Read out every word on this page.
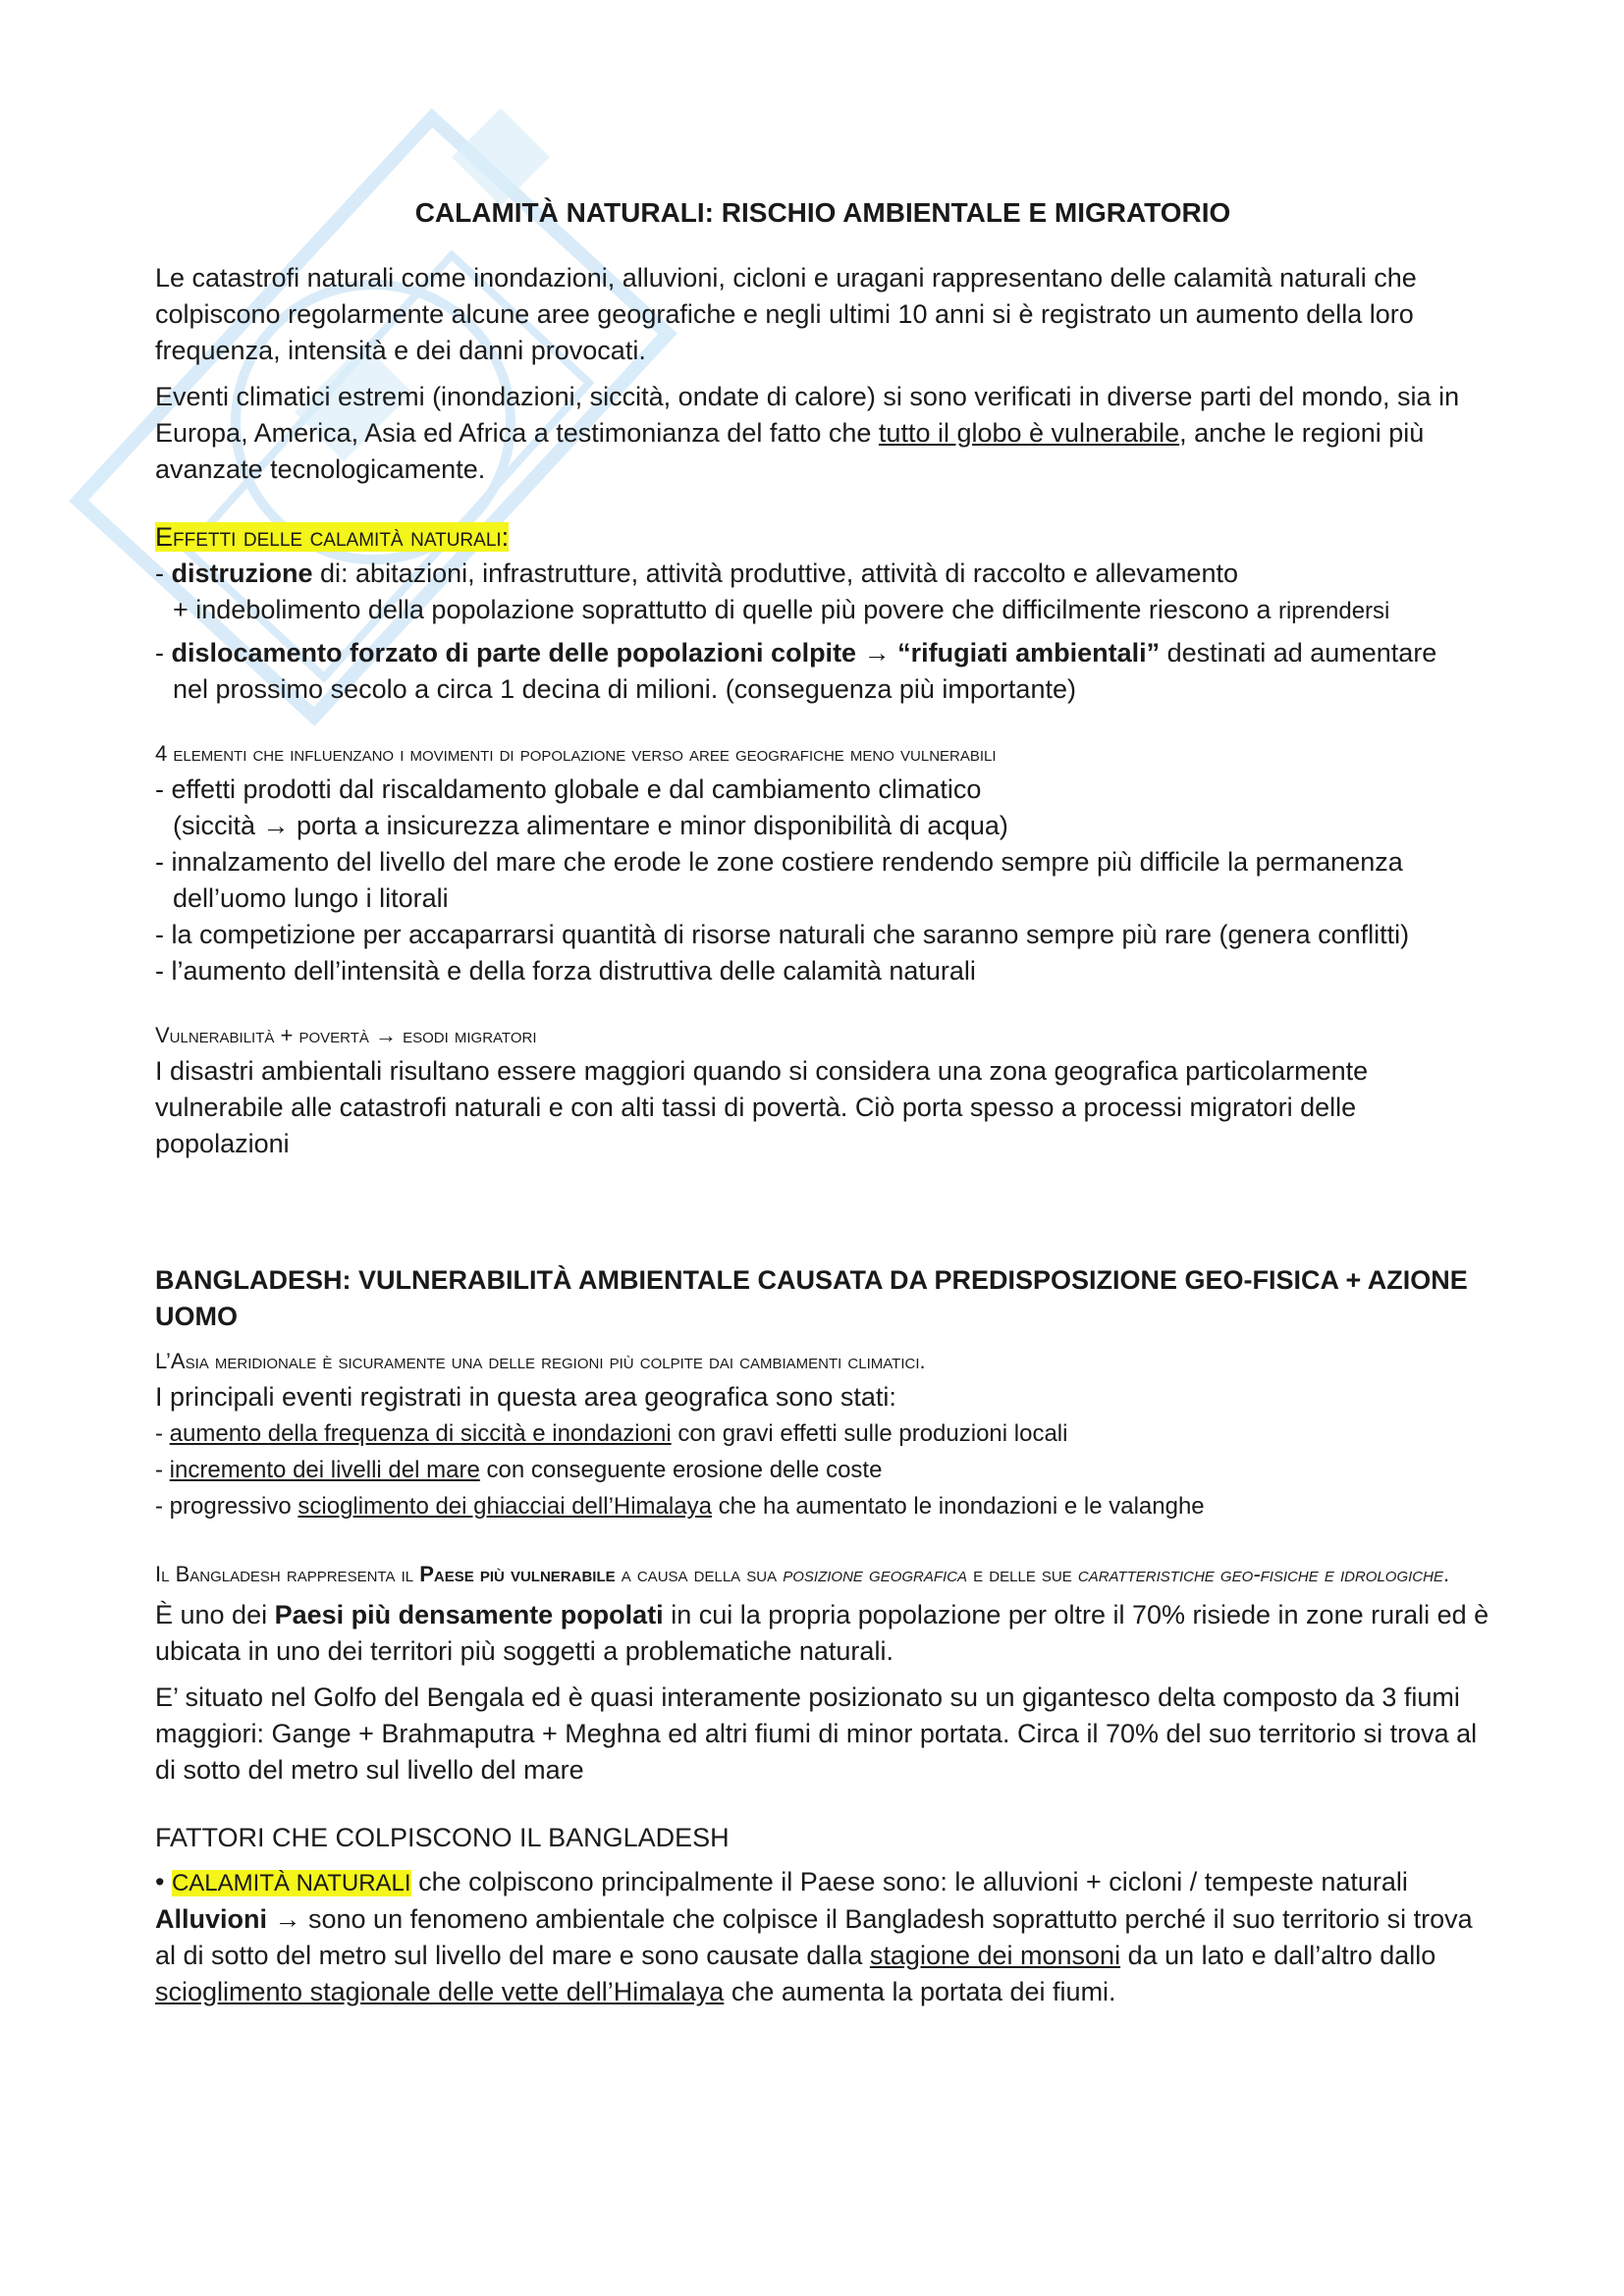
CALAMITÀ NATURALI: RISCHIO AMBIENTALE E MIGRATORIO

Le catastrofi naturali come inondazioni, alluvioni, cicloni e uragani rappresentano delle calamità naturali che colpiscono regolarmente alcune aree geografiche e negli ultimi 10 anni si è registrato un aumento della loro frequenza, intensità e dei danni provocati.

Eventi climatici estremi (inondazioni, siccità, ondate di calore) si sono verificati in diverse parti del mondo, sia in Europa, America, Asia ed Africa a testimonianza del fatto che tutto il globo è vulnerabile, anche le regioni più avanzate tecnologicamente.

Effetti delle calamità naturali:
- distruzione di: abitazioni, infrastrutture, attività produttive, attività di raccolto e allevamento
+ indebolimento della popolazione soprattutto di quelle più povere che difficilmente riescono a riprendersi
- dislocamento forzato di parte delle popolazioni colpite → “rifugiati ambientali” destinati ad aumentare
nel prossimo secolo a circa 1 decina di milioni. (conseguenza più importante)
4 elementi che influenzano i movimenti di popolazione verso aree geografiche meno vulnerabili
- effetti prodotti dal riscaldamento globale e dal cambiamento climatico
(siccità → porta a insicurezza alimentare e minor disponibilità di acqua)
- innalzamento del livello del mare che erode le zone costiere rendendo sempre più difficile la permanenza
dell’uomo lungo i litorali
- la competizione per accaparrarsi quantità di risorse naturali che saranno sempre più rare (genera conflitti)
- l’aumento dell’intensità e della forza distruttiva delle calamità naturali
Vulnerabilità + povertà → esodi migratori

I disastri ambientali risultano essere maggiori quando si considera una zona geografica particolarmente vulnerabile alle catastrofi naturali e con alti tassi di povertà. Ciò porta spesso a processi migratori delle popolazioni

BANGLADESH: VULNERABILITÀ AMBIENTALE CAUSATA DA PREDISPOSIZIONE GEO-FISICA + AZIONE UOMO
L’Asia meridionale è sicuramente una delle regioni più colpite dai cambiamenti climatici.
I principali eventi registrati in questa area geografica sono stati:
- aumento della frequenza di siccità e inondazioni con gravi effetti sulle produzioni locali
- incremento dei livelli del mare con conseguente erosione delle coste
- progressivo scioglimento dei ghiacciai dell’Himalaya che ha aumentato le inondazioni e le valanghe
Il Bangladesh rappresenta il Paese più vulnerabile a causa della sua posizione geografica e delle sue caratteristiche geo-fisiche e idrologiche.

È uno dei Paesi più densamente popolati in cui la propria popolazione per oltre il 70% risiede in zone rurali ed è ubicata in uno dei territori più soggetti a problematiche naturali.

E’ situato nel Golfo del Bengala ed è quasi interamente posizionato su un gigantesco delta composto da 3 fiumi maggiori: Gange + Brahmaputra + Meghna ed altri fiumi di minor portata. Circa il 70% del suo territorio si trova al di sotto del metro sul livello del mare

FATTORI CHE COLPISCONO IL BANGLADESH
• CALAMITÀ NATURALI che colpiscono principalmente il Paese sono: le alluvioni + cicloni / tempeste naturali

Alluvioni → sono un fenomeno ambientale che colpisce il Bangladesh soprattutto perché il suo territorio si trova al di sotto del metro sul livello del mare e sono causate dalla stagione dei monsoni da un lato e dall’altro dallo scioglimento stagionale delle vette dell’Himalaya che aumenta la portata dei fiumi.
